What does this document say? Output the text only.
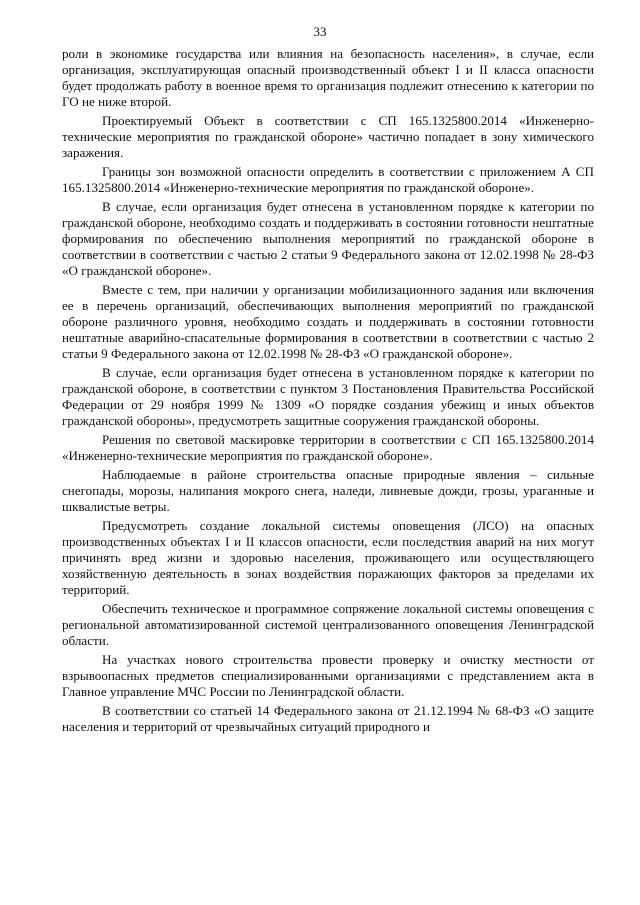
33

роли в экономике государства или влияния на безопасность населения», в случае, если организация, эксплуатирующая опасный производственный объект I и II класса опасности будет продолжать работу в военное время то организация подлежит отнесению к категории по ГО не ниже второй.

Проектируемый Объект в соответствии с СП 165.1325800.2014 «Инженерно-технические мероприятия по гражданской обороне» частично попадает в зону химического заражения.

Границы зон возможной опасности определить в соответствии с приложением А СП 165.1325800.2014 «Инженерно-технические мероприятия по гражданской обороне».

В случае, если организация будет отнесена в установленном порядке к категории по гражданской обороне, необходимо создать и поддерживать в состоянии готовности нештатные формирования по обеспечению выполнения мероприятий по гражданской обороне в соответствии в соответствии с частью 2 статьи 9 Федерального закона от 12.02.1998 № 28-ФЗ «О гражданской обороне».

Вместе с тем, при наличии у организации мобилизационного задания или включения ее в перечень организаций, обеспечивающих выполнения мероприятий по гражданской обороне различного уровня, необходимо создать и поддерживать в состоянии готовности нештатные аварийно-спасательные формирования в соответствии в соответствии с частью 2 статьи 9 Федерального закона от 12.02.1998 № 28-ФЗ «О гражданской обороне».

В случае, если организация будет отнесена в установленном порядке к категории по гражданской обороне, в соответствии с пунктом 3 Постановления Правительства Российской Федерации от 29 ноября 1999 № 1309 «О порядке создания убежищ и иных объектов гражданской обороны», предусмотреть защитные сооружения гражданской обороны.

Решения по световой маскировке территории в соответствии с СП 165.1325800.2014 «Инженерно-технические мероприятия по гражданской обороне».

Наблюдаемые в районе строительства опасные природные явления – сильные снегопады, морозы, налипания мокрого снега, наледи, ливневые дожди, грозы, ураганные и шквалистые ветры.

Предусмотреть создание локальной системы оповещения (ЛСО) на опасных производственных объектах I и II классов опасности, если последствия аварий на них могут причинять вред жизни и здоровью населения, проживающего или осуществляющего хозяйственную деятельность в зонах воздействия поражающих факторов за пределами их территорий.

Обеспечить техническое и программное сопряжение локальной системы оповещения с региональной автоматизированной системой централизованного оповещения Ленинградской области.

На участках нового строительства провести проверку и очистку местности от взрывоопасных предметов специализированными организациями с представлением акта в Главное управление МЧС России по Ленинградской области.

В соответствии со статьей 14 Федерального закона от 21.12.1994 № 68-ФЗ «О защите населения и территорий от чрезвычайных ситуаций природного и
